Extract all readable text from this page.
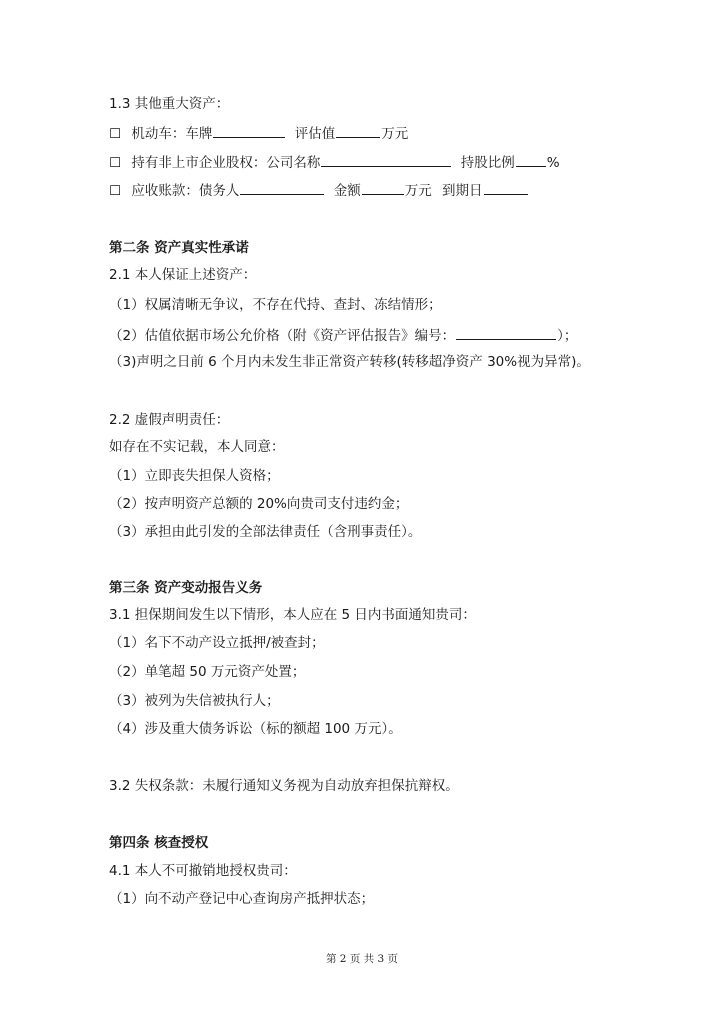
1.3 其他重大资产：
☐ 机动车：车牌	评估值	万元
☐ 持有非上市企业股权：公司名称	持股比例 %
☐ 应收账款：债务人	金额	万元 到期日
第二条 资产真实性承诺
2.1 本人保证上述资产：
（1）权属清晰无争议，不存在代持、查封、冻结情形；
（2）估值依据市场公允价格（附《资产评估报告》编号：	）；
（3)声明之日前 6 个月内未发生非正常资产转移(转移超净资产 30%视为异常)。
2.2 虚假声明责任：
如存在不实记载，本人同意：
（1）立即丧失担保人资格；
（2）按声明资产总额的 20%向贵司支付违约金；
（3）承担由此引发的全部法律责任（含刑事责任）。
第三条 资产变动报告义务
3.1 担保期间发生以下情形，本人应在 5 日内书面通知贵司：
（1）名下不动产设立抵押/被查封；
（2）单笔超 50 万元资产处置；
（3）被列为失信被执行人；
（4）涉及重大债务诉讼（标的额超 100 万元）。
3.2 失权条款：未履行通知义务视为自动放弃担保抗辩权。
第四条 核查授权
4.1 本人不可撤销地授权贵司：
（1）向不动产登记中心查询房产抵押状态；
第 2 页 共 3 页
